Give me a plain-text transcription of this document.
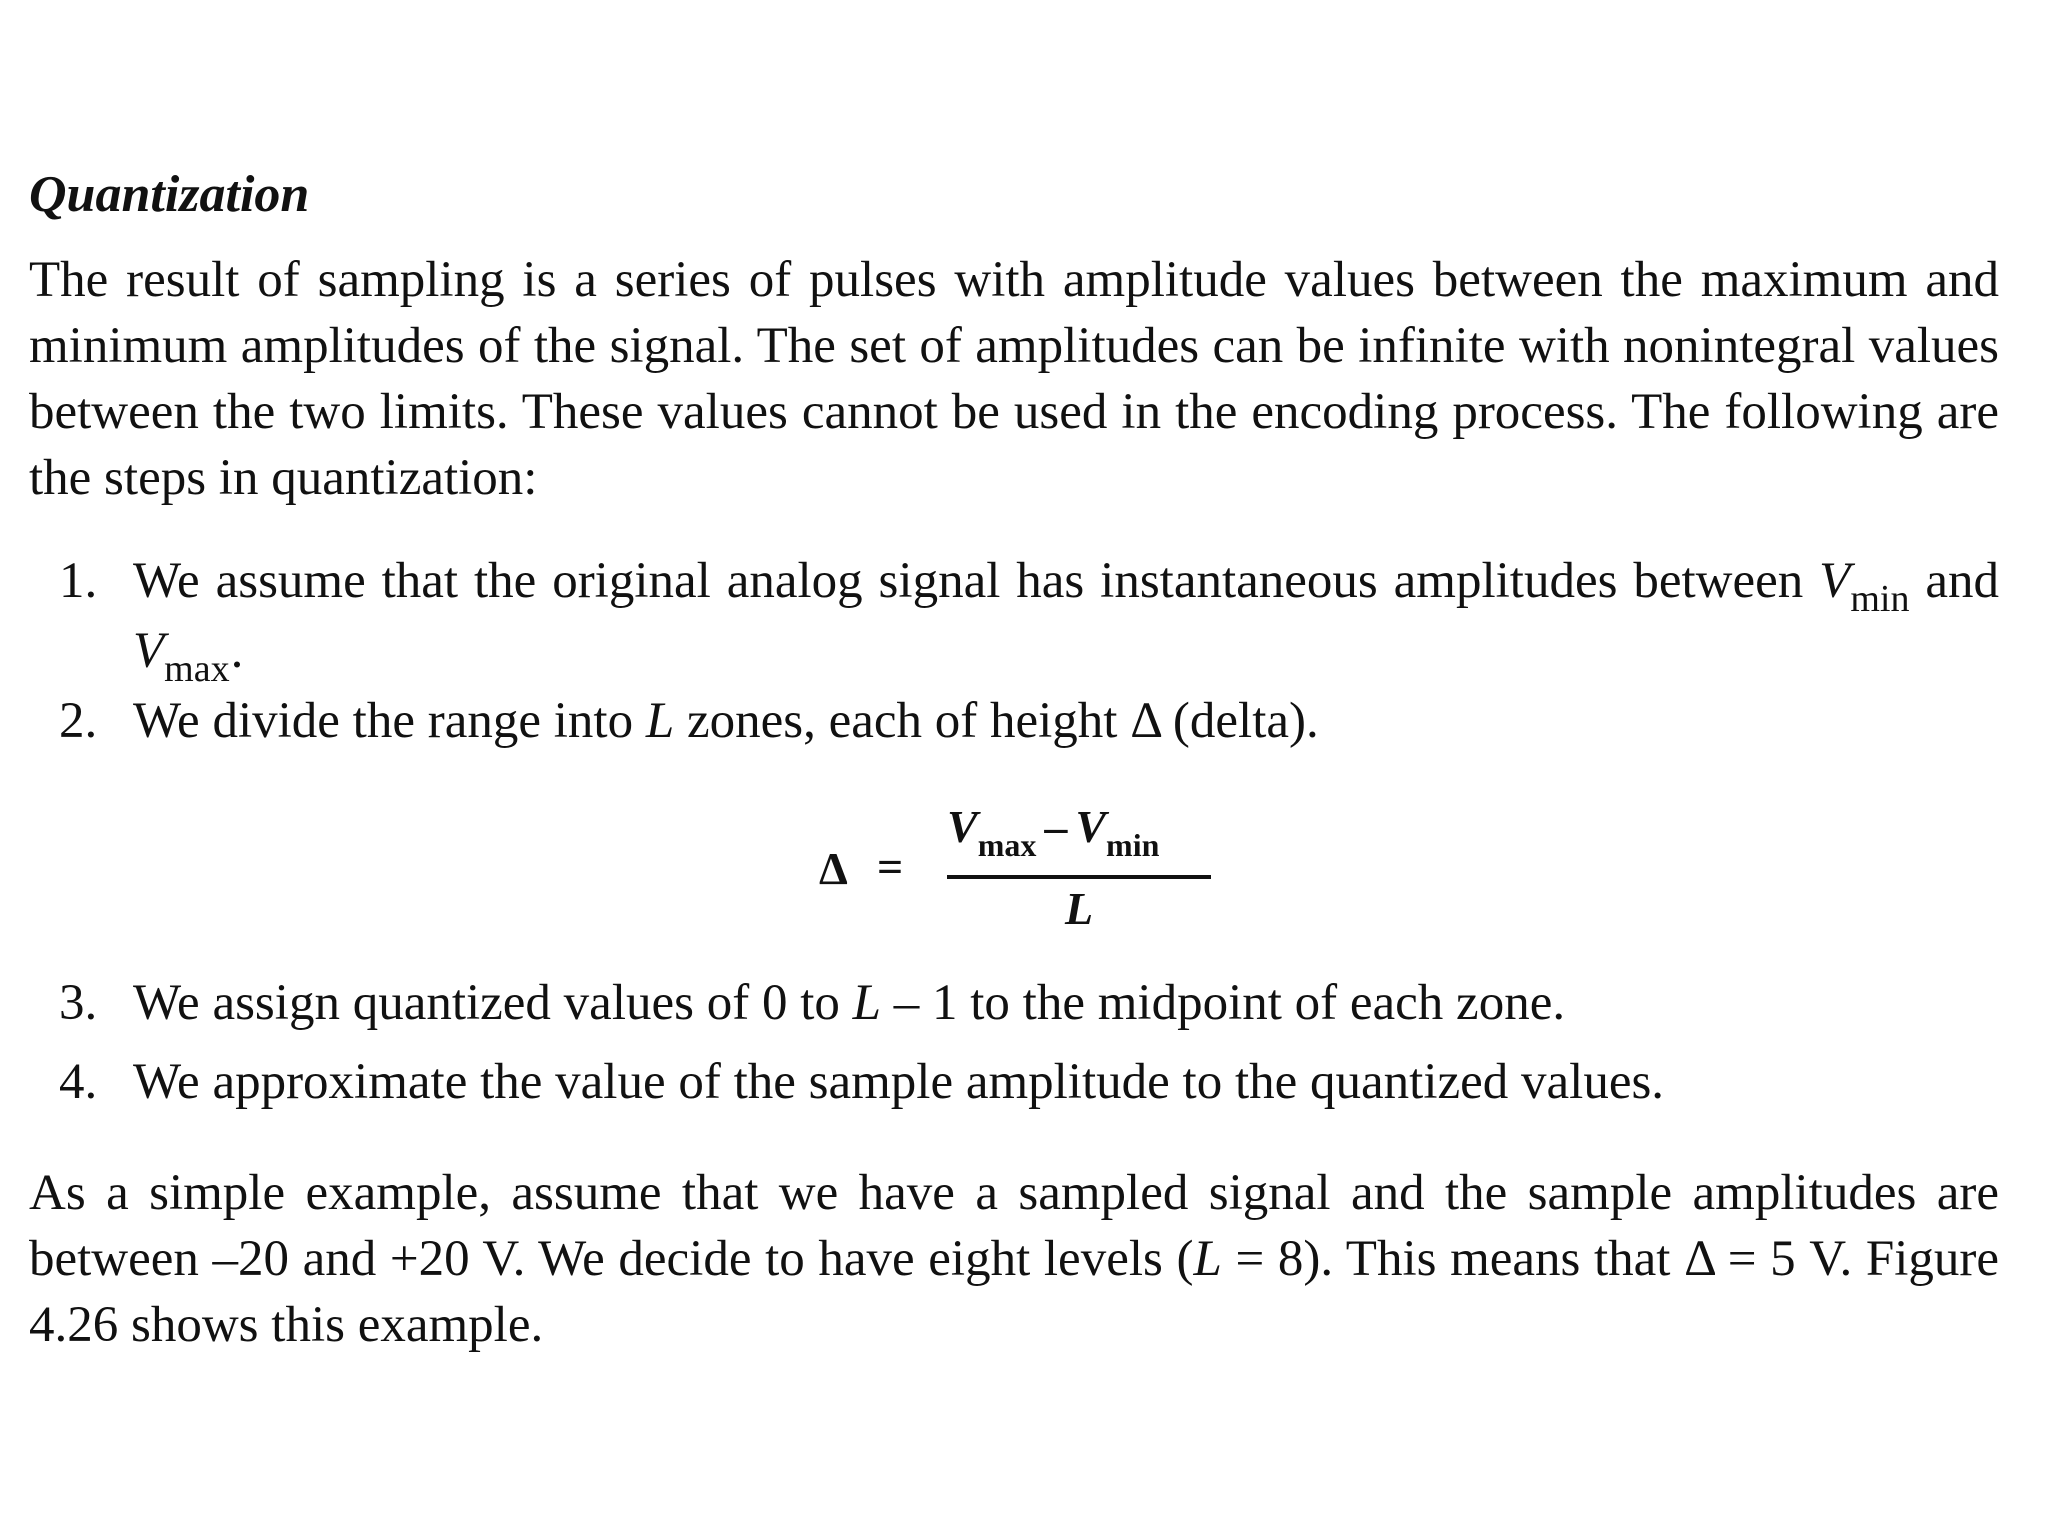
Quantization

The result of sampling is a series of pulses with amplitude values between the maximum and minimum amplitudes of the signal. The set of amplitudes can be infinite with nonintegral values between the two limits. These values cannot be used in the encoding process. The following are the steps in quantization:

1. We assume that the original analog signal has instantaneous amplitudes between $V_{min}$ and $V_{max}$.
2. We divide the range into L zones, each of height Δ (delta).
Δ =
$V_{max} - V_{min}$
L
3. We assign quantized values of 0 to L – 1 to the midpoint of each zone.
4. We approximate the value of the sample amplitude to the quantized values.

As a simple example, assume that we have a sampled signal and the sample amplitudes are between –20 and +20 V. We decide to have eight levels (L = 8). This means that Δ = 5 V. Figure 4.26 shows this example.
